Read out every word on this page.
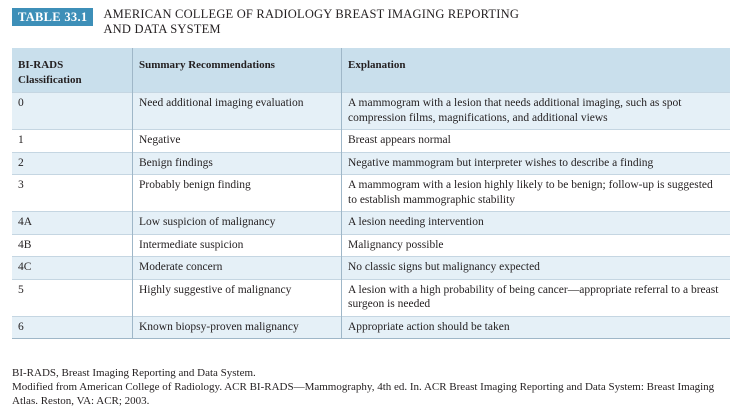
TABLE 33.1	AMERICAN COLLEGE OF RADIOLOGY BREAST IMAGING REPORTING
AND DATA SYSTEM
BI-RADS Classification	Summary Recommendations	Explanation
0	Need additional imaging evaluation	A mammogram with a lesion that needs additional imaging, such as spot compression films, magnifications, and additional views
1	Negative	Breast appears normal
2	Benign findings	Negative mammogram but interpreter wishes to describe a finding
3	Probably benign finding	A mammogram with a lesion highly likely to be benign; follow-up is suggested to establish mammographic stability
4A	Low suspicion of malignancy	A lesion needing intervention
4B	Intermediate suspicion	Malignancy possible
4C	Moderate concern	No classic signs but malignancy expected
5	Highly suggestive of malignancy	A lesion with a high probability of being cancer—appropriate referral to a breast surgeon is needed
6	Known biopsy-proven malignancy	Appropriate action should be taken

BI-RADS, Breast Imaging Reporting and Data System.

Modified from American College of Radiology. ACR BI-RADS—Mammography, 4th ed. In. ACR Breast Imaging Reporting and Data System: Breast Imaging Atlas. Reston, VA: ACR; 2003.
